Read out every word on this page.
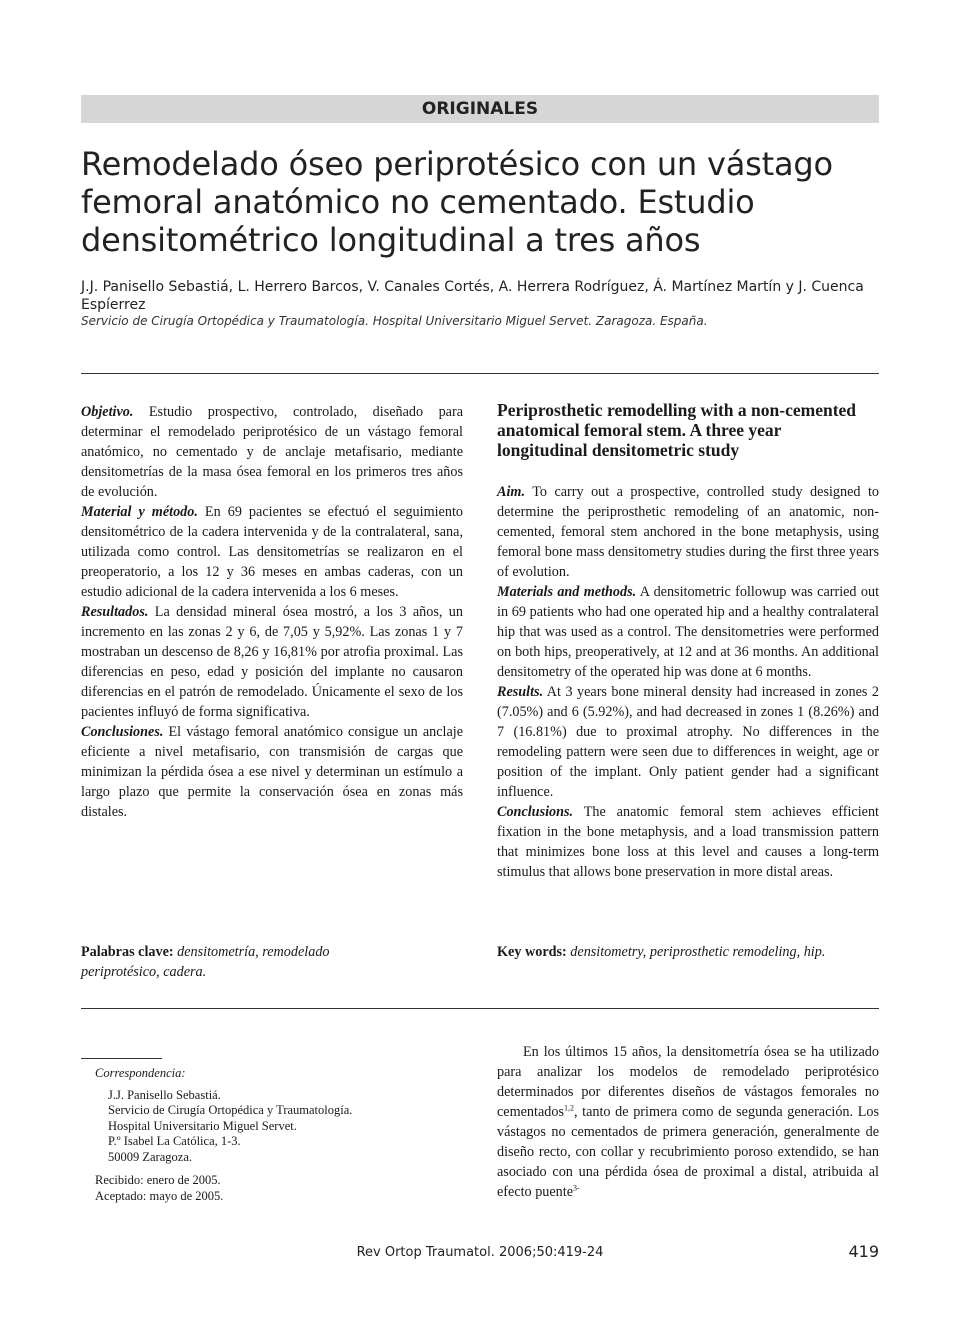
ORIGINALES
Remodelado óseo periprotésico con un vástago femoral anatómico no cementado. Estudio densitométrico longitudinal a tres años
J.J. Panisello Sebastiá, L. Herrero Barcos, V. Canales Cortés, A. Herrera Rodríguez, Á. Martínez Martín y J. Cuenca Espíerrez
Servicio de Cirugía Ortopédica y Traumatología. Hospital Universitario Miguel Servet. Zaragoza. España.

Objetivo. Estudio prospectivo, controlado, diseñado para determinar el remodelado periprotésico de un vástago femoral anatómico, no cementado y de anclaje metafisario, mediante densitometrías de la masa ósea femoral en los primeros tres años de evolución.

Material y método. En 69 pacientes se efectuó el seguimiento densitométrico de la cadera intervenida y de la contralateral, sana, utilizada como control. Las densitometrías se realizaron en el preoperatorio, a los 12 y 36 meses en ambas caderas, con un estudio adicional de la cadera intervenida a los 6 meses.

Resultados. La densidad mineral ósea mostró, a los 3 años, un incremento en las zonas 2 y 6, de 7,05 y 5,92%. Las zonas 1 y 7 mostraban un descenso de 8,26 y 16,81% por atrofia proximal. Las diferencias en peso, edad y posición del implante no causaron diferencias en el patrón de remodelado. Únicamente el sexo de los pacientes influyó de forma significativa.

Conclusiones. El vástago femoral anatómico consigue un anclaje eficiente a nivel metafisario, con transmisión de cargas que minimizan la pérdida ósea a ese nivel y determinan un estímulo a largo plazo que permite la conservación ósea en zonas más distales.

Palabras clave: densitometría, remodelado periprotésico, cadera.
Periprosthetic remodelling with a non-cemented anatomical femoral stem. A three year longitudinal densitometric study

Aim. To carry out a prospective, controlled study designed to determine the periprosthetic remodeling of an anatomic, non-cemented, femoral stem anchored in the bone metaphysis, using femoral bone mass densitometry studies during the first three years of evolution.

Materials and methods. A densitometric followup was carried out in 69 patients who had one operated hip and a healthy contralateral hip that was used as a control. The densitometries were performed on both hips, preoperatively, at 12 and at 36 months. An additional densitometry of the operated hip was done at 6 months.

Results. At 3 years bone mineral density had increased in zones 2 (7.05%) and 6 (5.92%), and had decreased in zones 1 (8.26%) and 7 (16.81%) due to proximal atrophy. No differences in the remodeling pattern were seen due to differences in weight, age or position of the implant. Only patient gender had a significant influence.

Conclusions. The anatomic femoral stem achieves efficient fixation in the bone metaphysis, and a load transmission pattern that minimizes bone loss at this level and causes a long-term stimulus that allows bone preservation in more distal areas.

Key words: densitometry, periprosthetic remodeling, hip.
Correspondencia:
J.J. Panisello Sebastiá.
Servicio de Cirugía Ortopédica y Traumatología.
Hospital Universitario Miguel Servet.
P.º Isabel La Católica, 1-3.
50009 Zaragoza.
Recibido: enero de 2005.
Aceptado: mayo de 2005.

En los últimos 15 años, la densitometría ósea se ha utilizado para analizar los modelos de remodelado periprotésico determinados por diferentes diseños de vástagos femorales no cementados$^{1,2}$, tanto de primera como de segunda generación. Los vástagos no cementados de primera generación, generalmente de diseño recto, con collar y recubrimiento poroso extendido, se han asociado con una pérdida ósea de proximal a distal, atribuida al efecto puente$^{3-}$

Rev Ortop Traumatol. 2006;50:419-24	419
